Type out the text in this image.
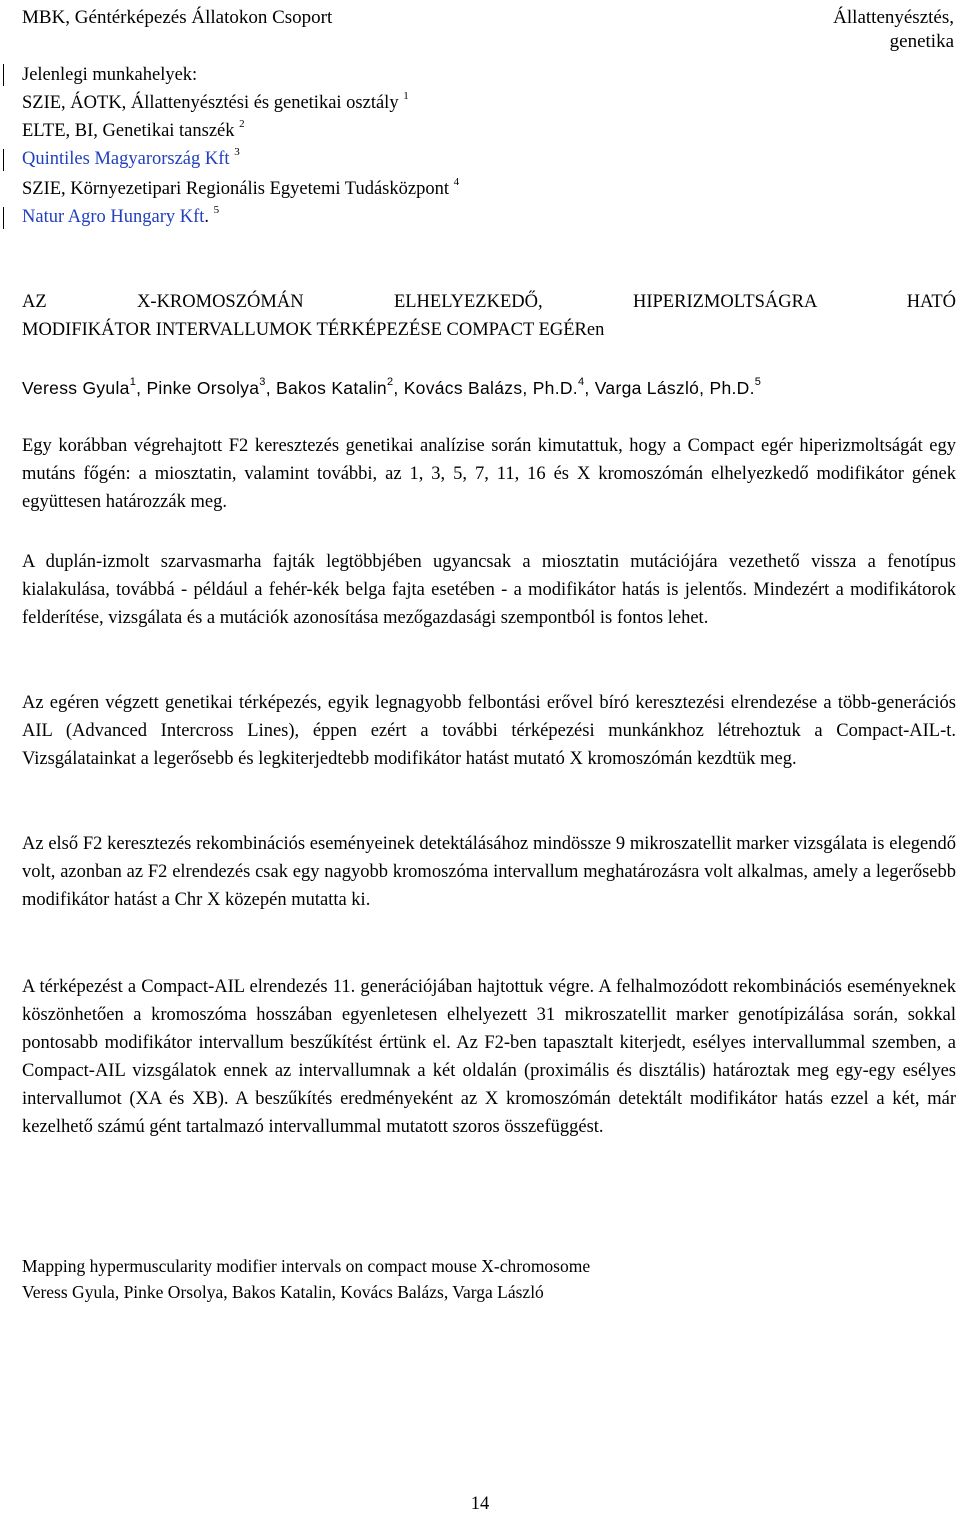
MBK, Géntérképezés Állatokon Csoport	Állattenyésztés,
genetika
Jelenlegi munkahelyek:
SZIE, ÁOTK, Állattenyésztési és genetikai osztály $^1$
ELTE, BI, Genetikai tanszék $^2$
Quintiles Magyarország Kft $^3$
SZIE, Környezetipari Regionális Egyetemi Tudásközpont $^4$
Natur Agro Hungary Kft. $^5$
AZ	X-KROMOSZÓMÁN	ELHELYEZKEDŐ,	HIPERIZMOLTSÁGRA	HATÓ
MODIFIKÁTOR INTERVALLUMOK TÉRKÉPEZÉSE COMPACT EGÉRen
Veress Gyula$^1$, Pinke Orsolya$^3$, Bakos Katalin$^2$, Kovács Balázs, Ph.D.$^4$, Varga László, Ph.D.$^5$
Egy korábban végrehajtott F2 keresztezés genetikai analízise során kimutattuk, hogy a Compact egér hiperizmoltságát egy mutáns főgén: a miosztatin, valamint további, az 1, 3, 5, 7, 11, 16 és X kromoszómán elhelyezkedő modifikátor gének együttesen határozzák meg.
A duplán-izmolt szarvasmarha fajták legtöbbjében ugyancsak a miosztatin mutációjára vezethető vissza a fenotípus kialakulása, továbbá - például a fehér-kék belga fajta esetében - a modifikátor hatás is jelentős. Mindezért a modifikátorok felderítése, vizsgálata és a mutációk azonosítása mezőgazdasági szempontból is fontos lehet.
Az egéren végzett genetikai térképezés, egyik legnagyobb felbontási erővel bíró keresztezési elrendezése a több-generációs AIL (Advanced Intercross Lines), éppen ezért a további térképezési munkánkhoz létrehoztuk a Compact-AIL-t. Vizsgálatainkat a legerősebb és legkiterjedtebb modifikátor hatást mutató X kromoszómán kezdtük meg.
Az első F2 keresztezés rekombinációs eseményeinek detektálásához mindössze 9 mikroszatellit marker vizsgálata is elegendő volt, azonban az F2 elrendezés csak egy nagyobb kromoszóma intervallum meghatározásra volt alkalmas, amely a legerősebb modifikátor hatást a Chr X közepén mutatta ki.
A térképezést a Compact-AIL elrendezés 11. generációjában hajtottuk végre. A felhalmozódott rekombinációs eseményeknek köszönhetően a kromoszóma hosszában egyenletesen elhelyezett 31 mikroszatellit marker genotípizálása során, sokkal pontosabb modifikátor intervallum beszűkítést értünk el. Az F2-ben tapasztalt kiterjedt, esélyes intervallummal szemben, a Compact-AIL vizsgálatok ennek az intervallumnak a két oldalán (proximális és disztális) határoztak meg egy-egy esélyes intervallumot (XA és XB). A beszűkítés eredményeként az X kromoszómán detektált modifikátor hatás ezzel a két, már kezelhető számú gént tartalmazó intervallummal mutatott szoros összefüggést.
Mapping hypermuscularity modifier intervals on compact mouse X-chromosome
Veress Gyula, Pinke Orsolya, Bakos Katalin, Kovács Balázs, Varga László
14
